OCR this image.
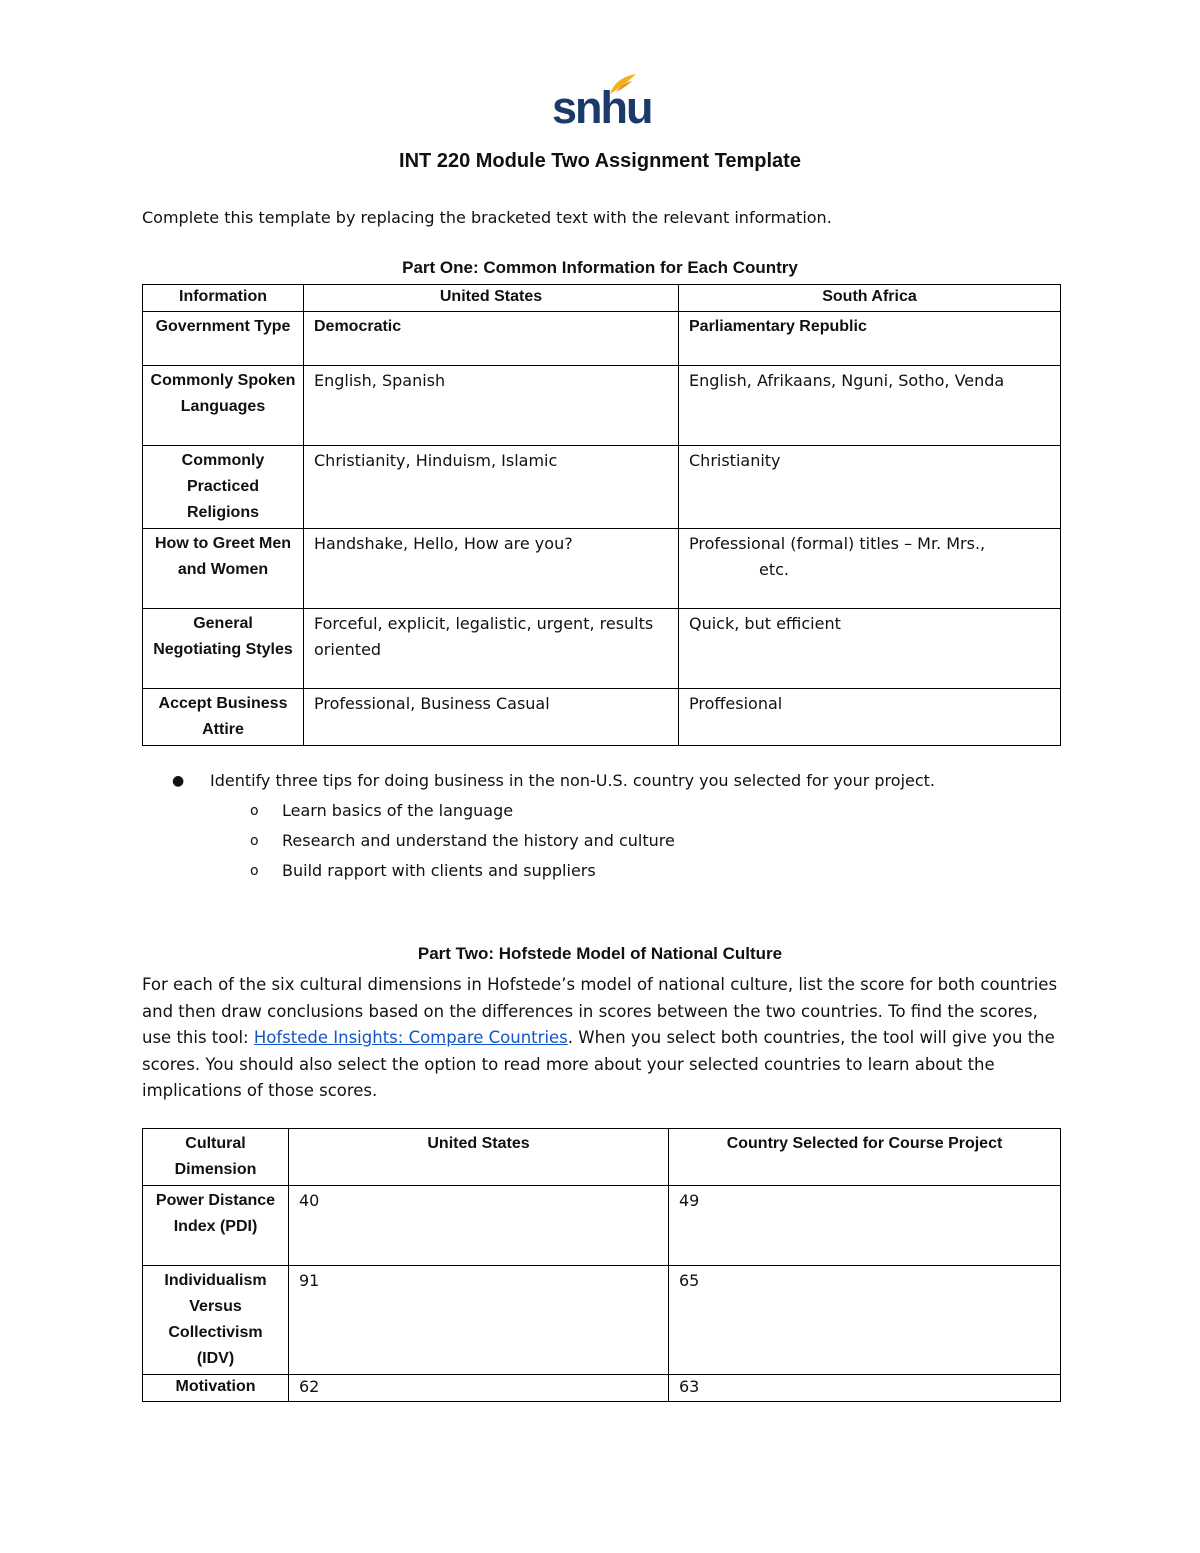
snhu
INT 220 Module Two Assignment Template
Complete this template by replacing the bracketed text with the relevant information.
Part One: Common Information for Each Country
Information	United States	South Africa
Government Type	Democratic	Parliamentary Republic
Commonly Spoken Languages	English, Spanish	English, Afrikaans, Nguni, Sotho, Venda
Commonly Practiced Religions	Christianity, Hinduism, Islamic	Christianity
How to Greet Men and Women	Handshake, Hello, How are you?	Professional (formal) titles – Mr. Mrs.,
etc.

General Negotiating Styles	Forceful, explicit, legalistic, urgent, results oriented	Quick, but efficient
Accept Business Attire	Professional, Business Casual	Proffesional
● Identify three tips for doing business in the non-U.S. country you selected for your project.
o Learn basics of the language
o Research and understand the history and culture
o Build rapport with clients and suppliers
Part Two: Hofstede Model of National Culture
For each of the six cultural dimensions in Hofstede’s model of national culture, list the score for both countries and then draw conclusions based on the differences in scores between the two countries. To find the scores, use this tool: Hofstede Insights: Compare Countries. When you select both countries, the tool will give you the scores. You should also select the option to read more about your selected countries to learn about the implications of those scores.
Cultural Dimension	United States	Country Selected for Course Project
Power Distance Index (PDI)	40	49
Individualism Versus Collectivism (IDV)	91	65
Motivation	62	63
